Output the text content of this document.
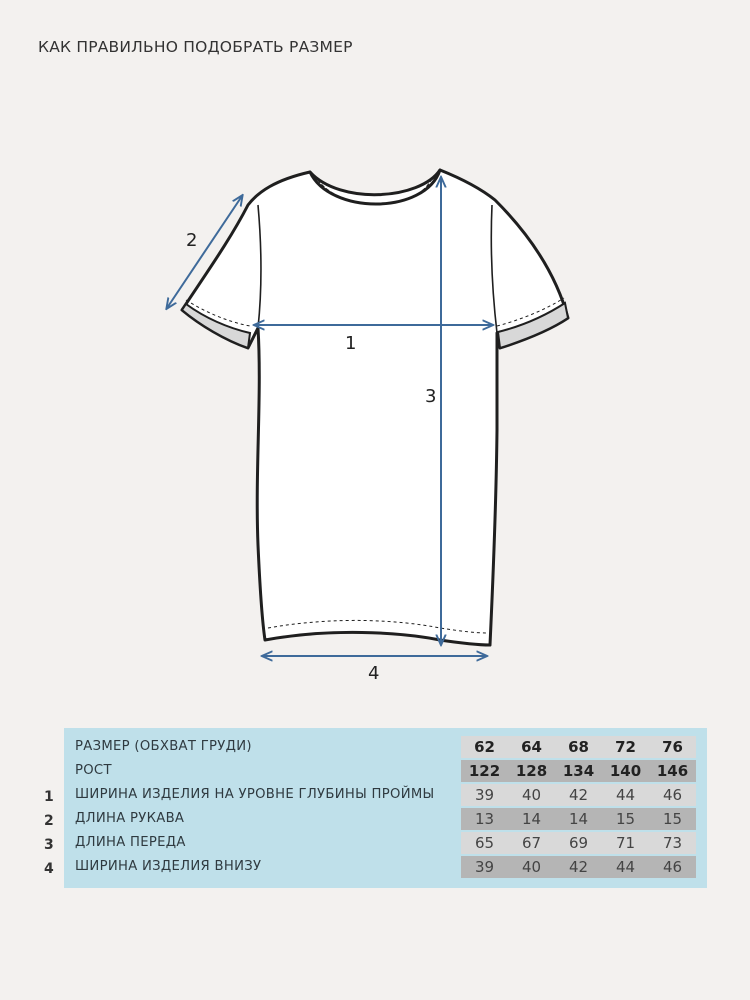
КАК ПРАВИЛЬНО ПОДОБРАТЬ РАЗМЕР
1
2
3
4
1
2
3
4
РАЗМЕР (ОБХВАТ ГРУДИ)	62	64	68	72	76
РОСТ	122	128	134	140	146
ШИРИНА ИЗДЕЛИЯ НА УРОВНЕ ГЛУБИНЫ ПРОЙМЫ	39	40	42	44	46
ДЛИНА РУКАВА	13	14	14	15	15
ДЛИНА ПЕРЕДА	65	67	69	71	73
ШИРИНА ИЗДЕЛИЯ ВНИЗУ	39	40	42	44	46
